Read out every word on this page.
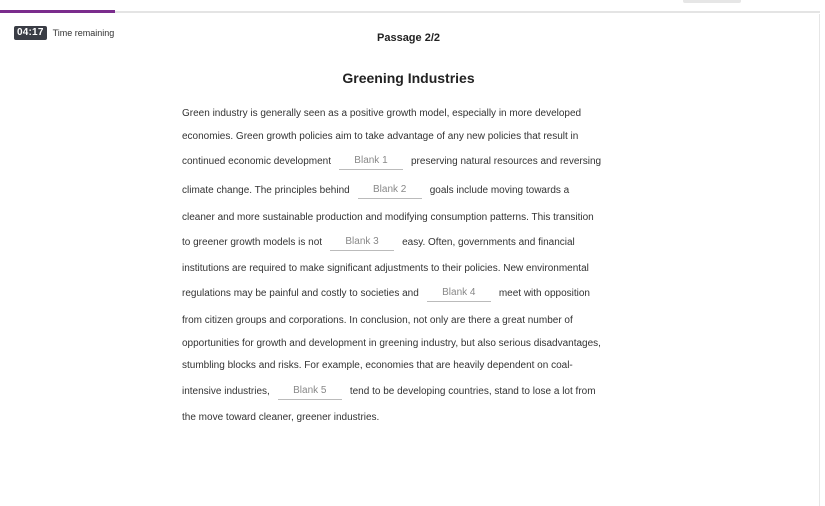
04:17	Time remaining	Passage 2/2
Greening Industries
Green industry is generally seen as a positive growth model, especially in more developed
economies. Green growth policies aim to take advantage of any new policies that result in
continued economic development Blank 1 preserving natural resources and reversing
climate change. The principles behind Blank 2 goals include moving towards a
cleaner and more sustainable production and modifying consumption patterns. This transition
to greener growth models is not Blank 3 easy. Often, governments and financial
institutions are required to make significant adjustments to their policies. New environmental
regulations may be painful and costly to societies and Blank 4 meet with opposition
from citizen groups and corporations. In conclusion, not only are there a great number of
opportunities for growth and development in greening industry, but also serious disadvantages,
stumbling blocks and risks. For example, economies that are heavily dependent on coal-
intensive industries, Blank 5 tend to be developing countries, stand to lose a lot from
the move toward cleaner, greener industries.
